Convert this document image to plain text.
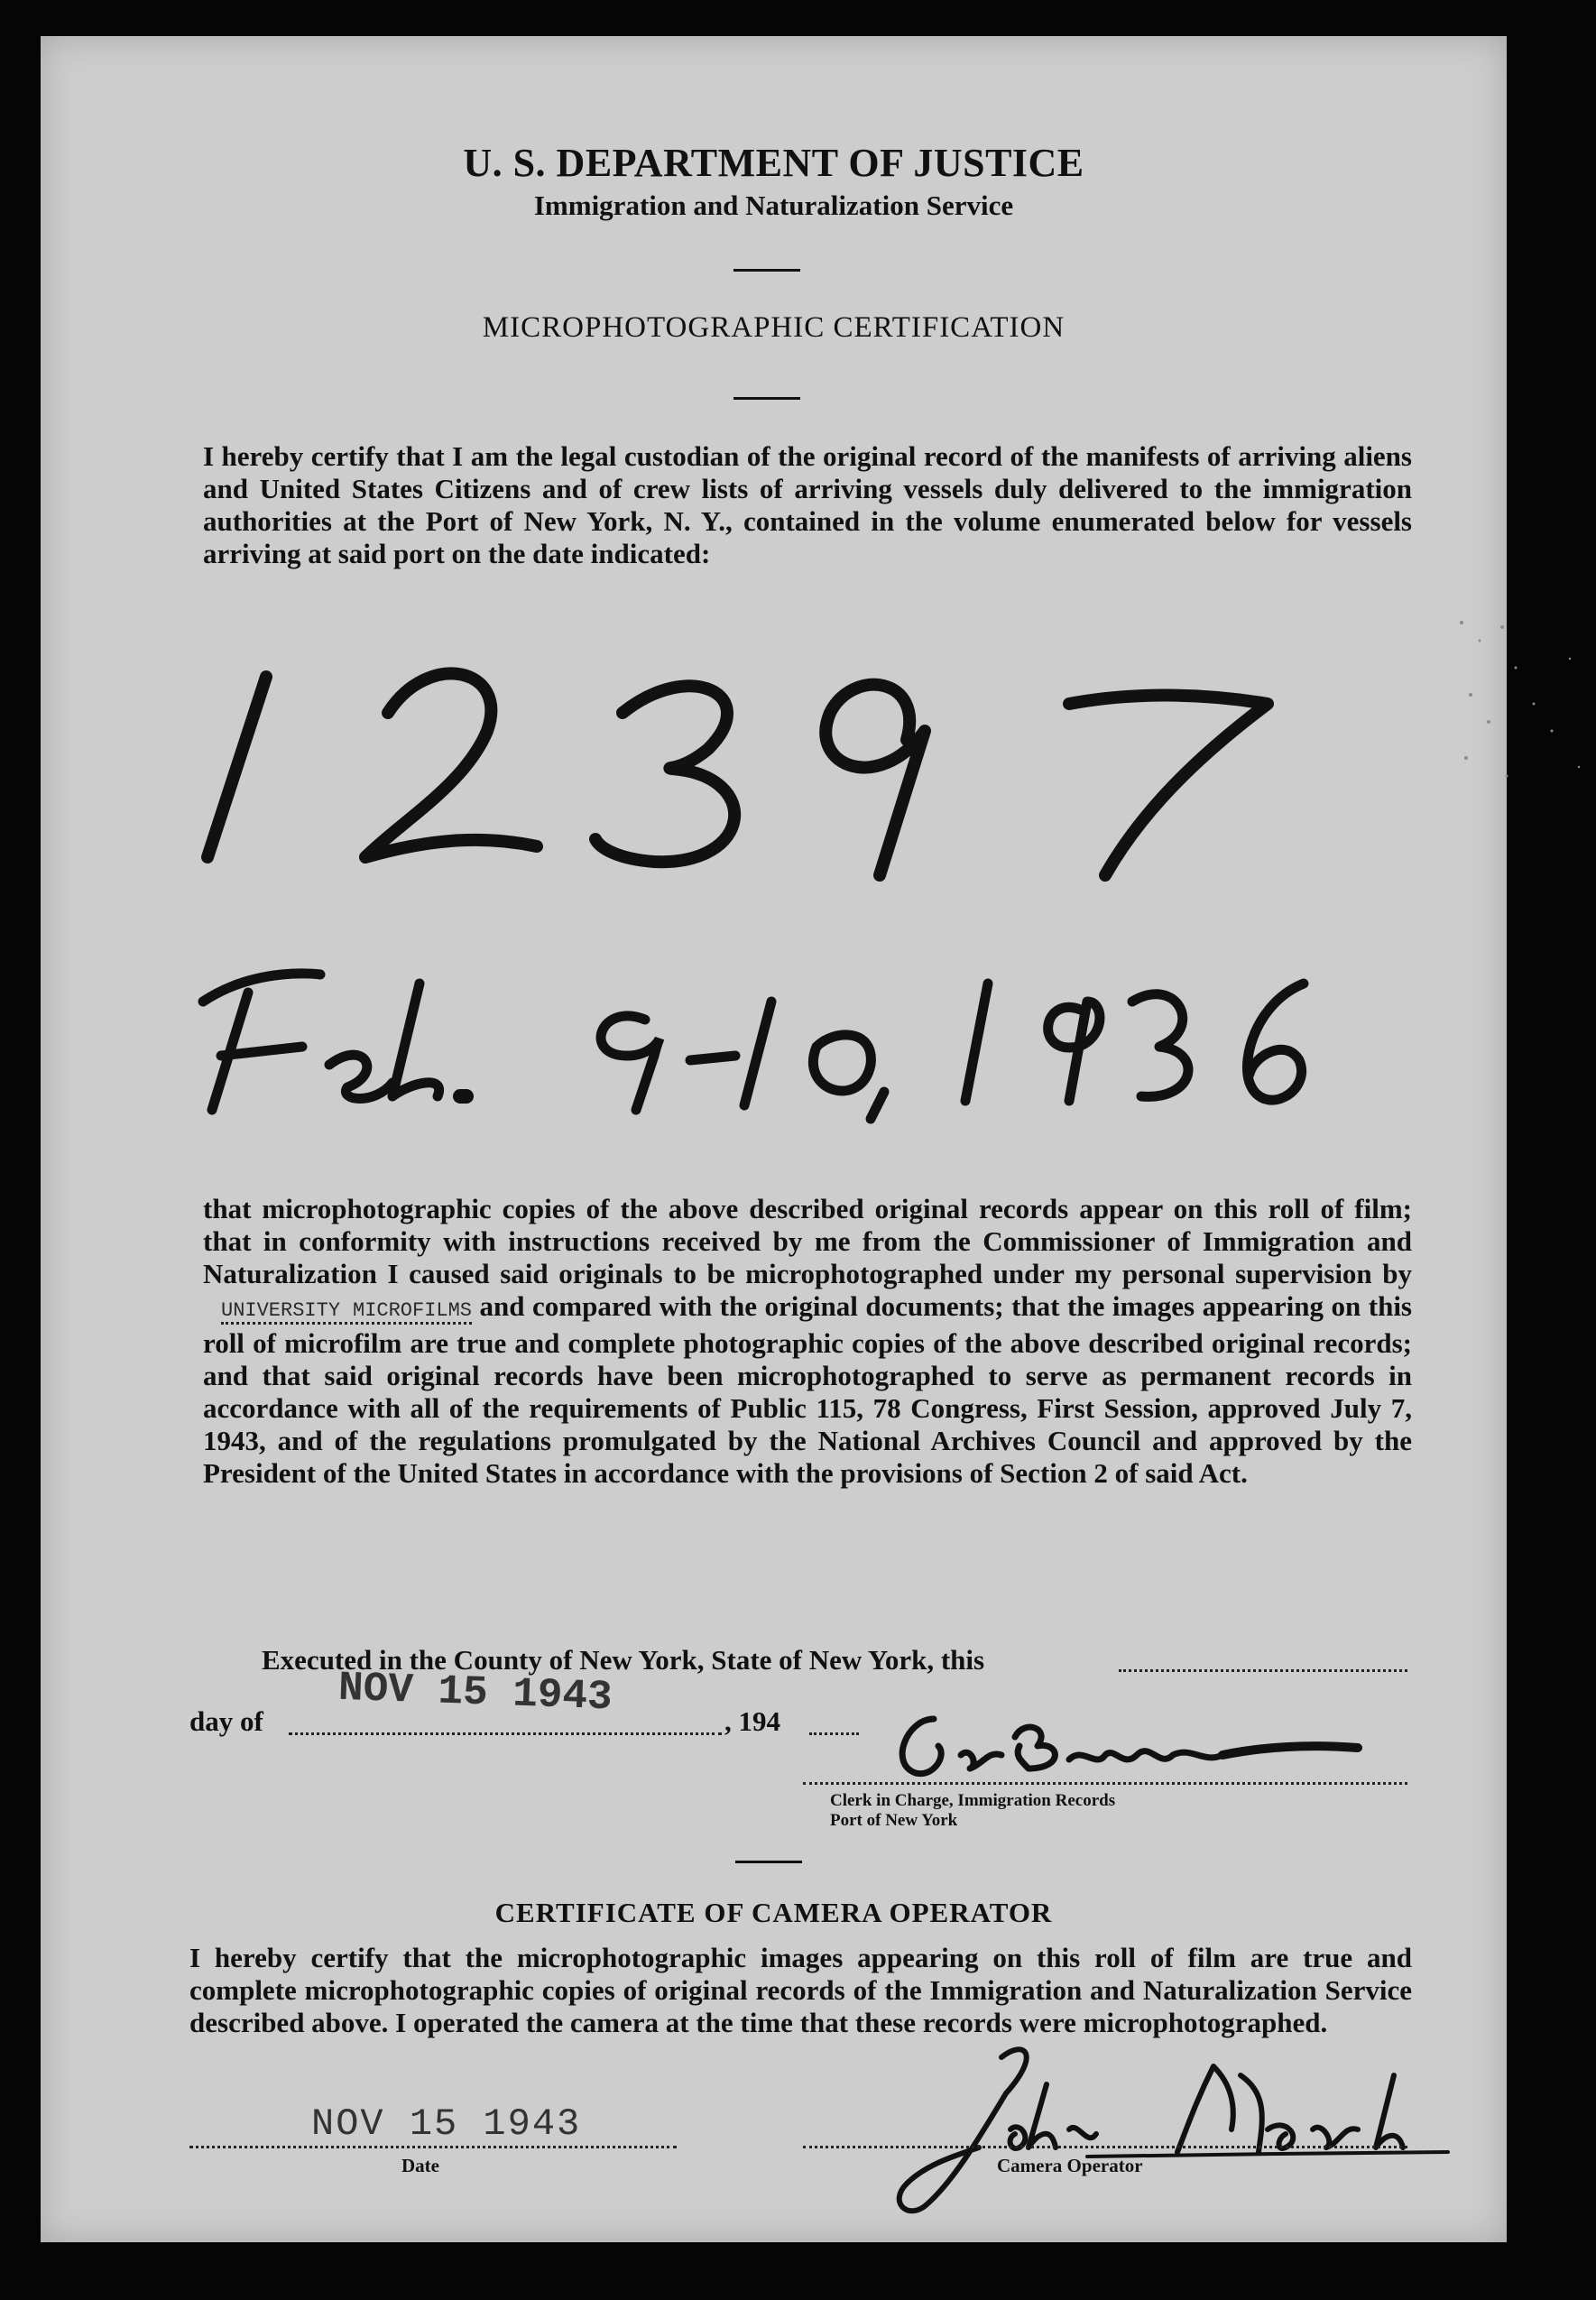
U. S. DEPARTMENT OF JUSTICE
Immigration and Naturalization Service
MICROPHOTOGRAPHIC CERTIFICATION
I hereby certify that I am the legal custodian of the original record of the manifests of arriving aliens and United States Citizens and of crew lists of arriving vessels duly delivered to the immigration authorities at the Port of New York, N. Y., contained in the volume enumerated below for vessels arriving at said port on the date indicated:
that microphotographic copies of the above described original records appear on this roll of film; that in conformity with instructions received by me from the Commissioner of Immigration and Naturalization I caused said originals to be microphotographed under my personal supervision by UNIVERSITY MICROFILMS and compared with the original documents; that the images appearing on this roll of microfilm are true and complete photographic copies of the above described original records; and that said original records have been microphotographed to serve as permanent records in accordance with all of the requirements of Public 115, 78 Congress, First Session, approved July 7, 1943, and of the regulations promulgated by the National Archives Council and approved by the President of the United States in accordance with the provisions of Section 2 of said Act.
Executed in the County of New York, State of New York, this
day of
NOV 15 1943
, 194
Clerk in Charge, Immigration Records
Port of New York
CERTIFICATE OF CAMERA OPERATOR
I hereby certify that the microphotographic images appearing on this roll of film are true and complete microphotographic copies of original records of the Immigration and Naturalization Service described above. I operated the camera at the time that these records were microphotographed.
NOV 15 1943
Date	Camera Operator
